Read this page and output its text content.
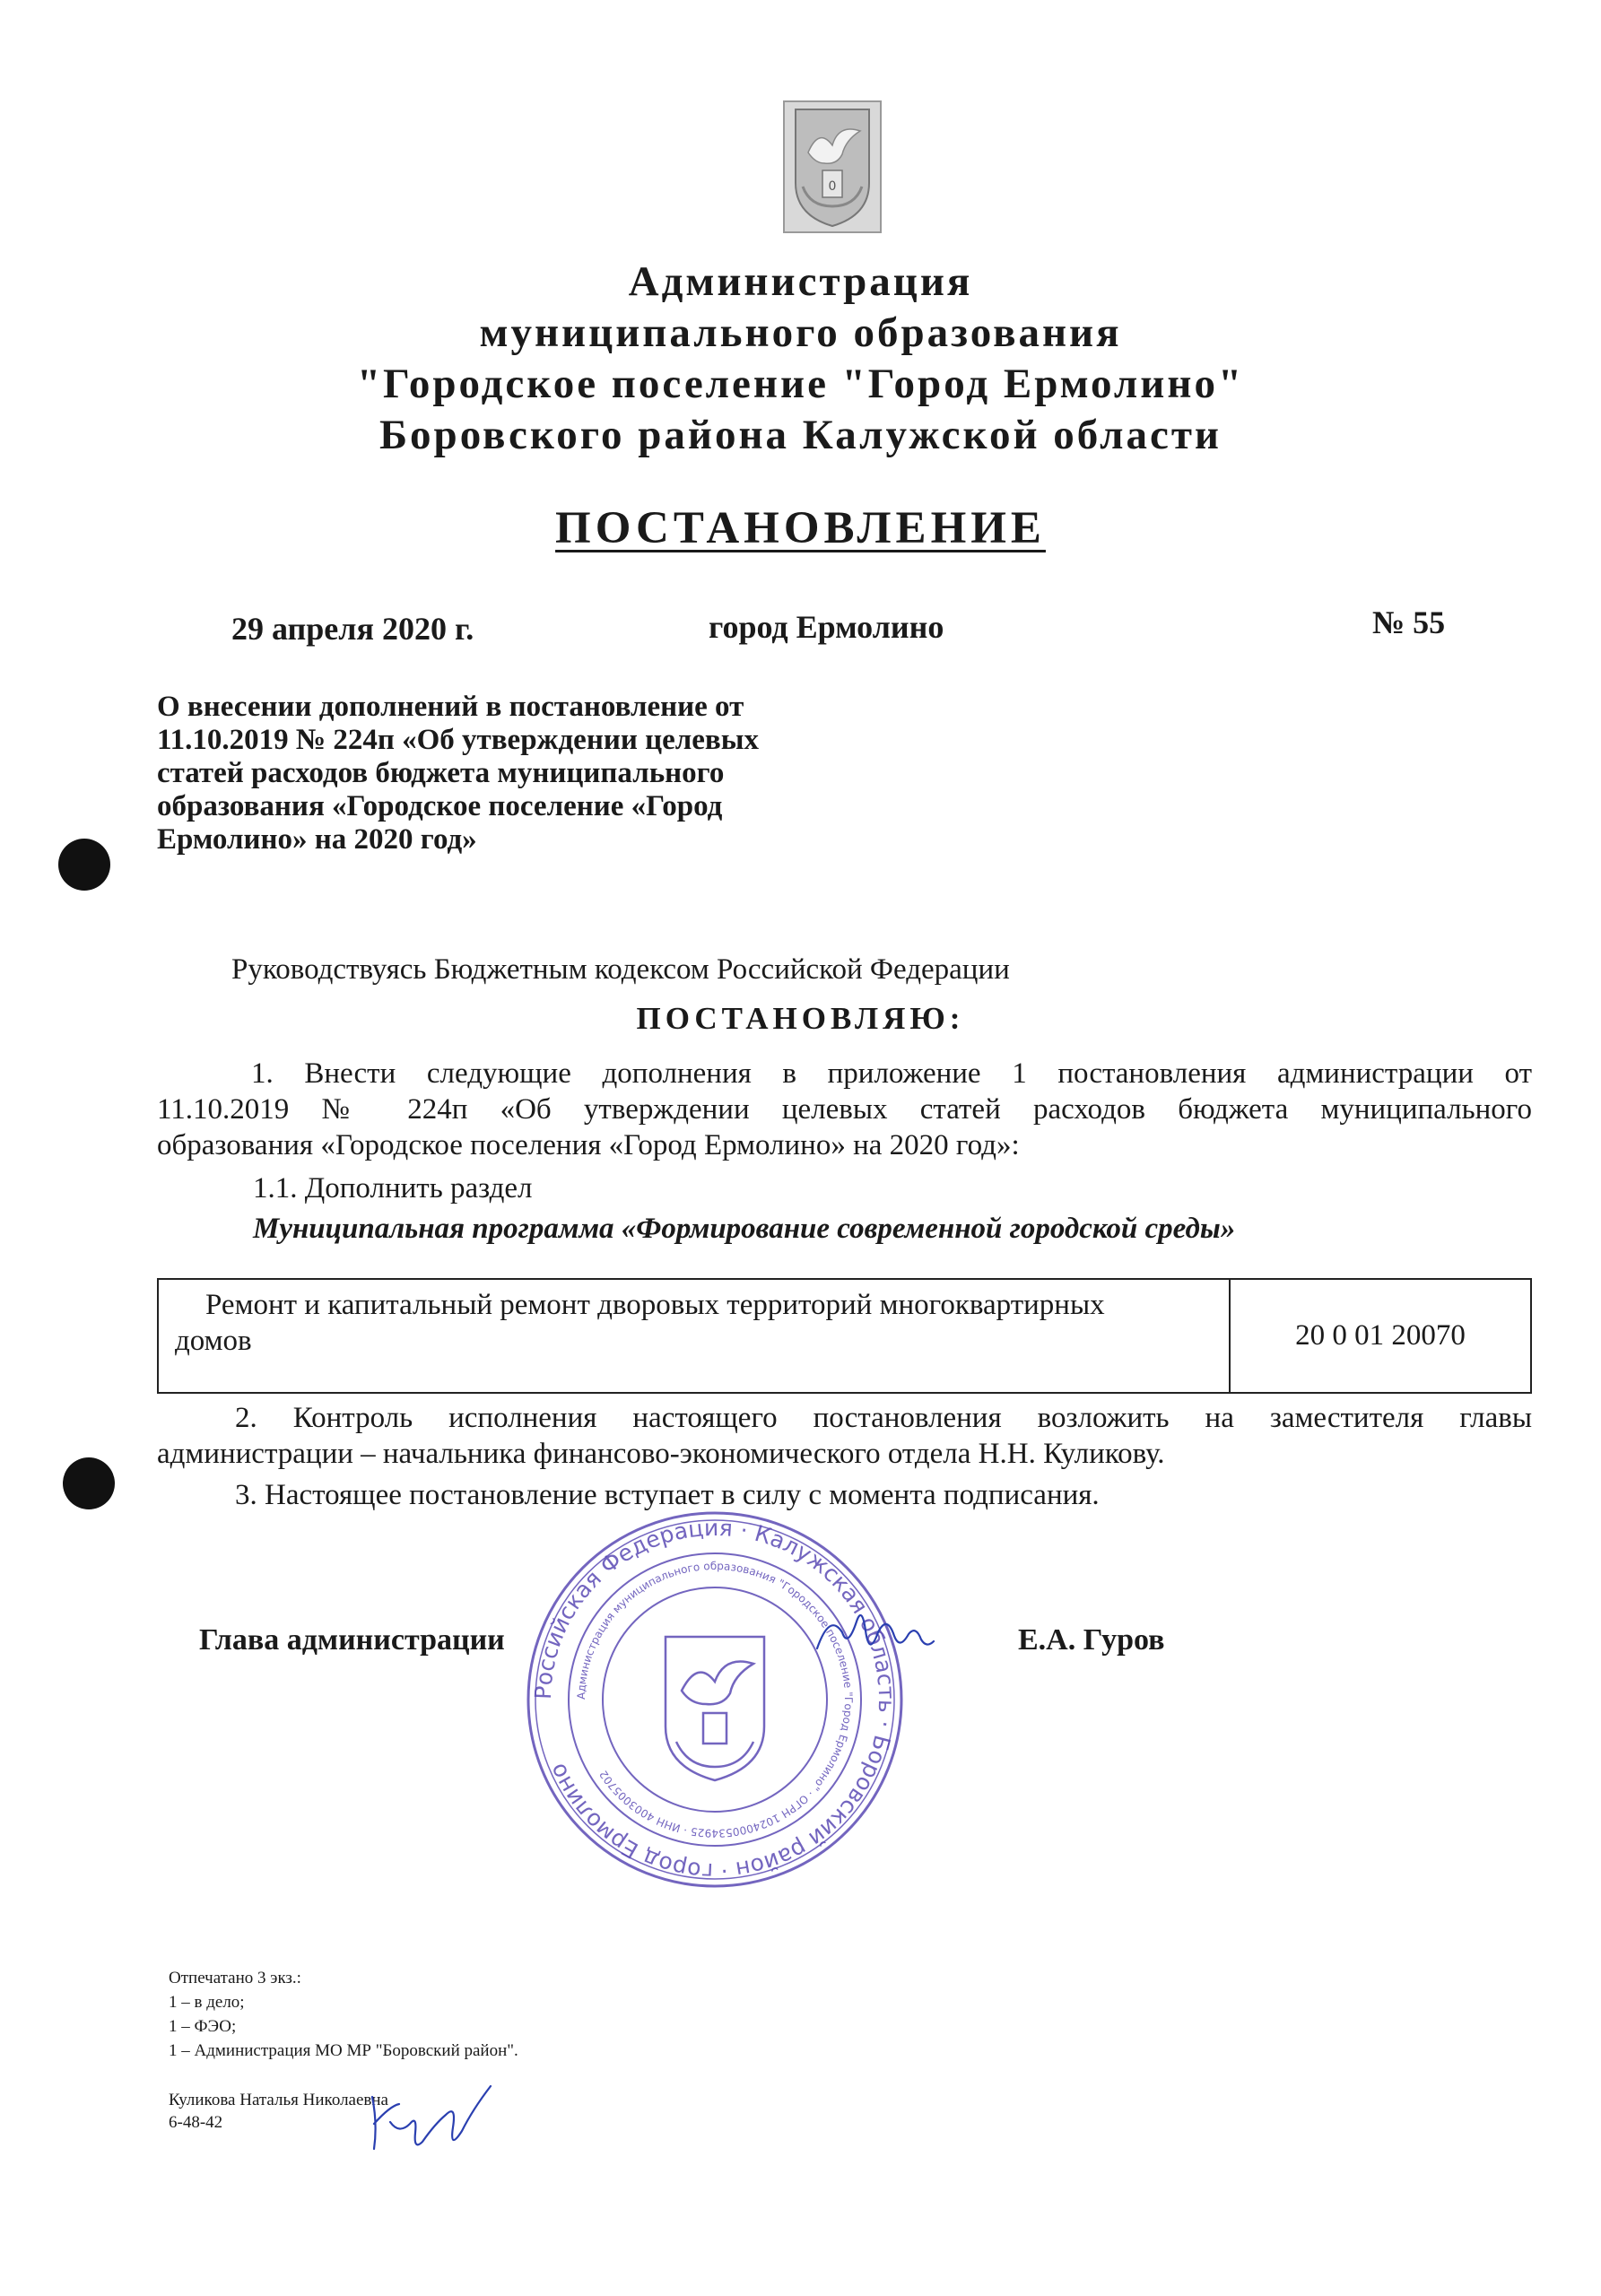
0
Администрация
муниципального образования
"Городское поселение "Город Ермолино"
Боровского района Калужской области
ПОСТАНОВЛЕНИЕ
29 апреля 2020 г.	город Ермолино	№ 55
О внесении дополнений в постановление от
11.10.2019 № 224п «Об утверждении целевых
статей расходов бюджета муниципального
образования «Городское поселение «Город
Ермолино» на 2020 год»
Руководствуясь Бюджетным кодексом Российской Федерации
ПОСТАНОВЛЯЮ:
1. Внести следующие дополнения в приложение 1 постановления администрации от
11.10.2019 № 224п «Об утверждении целевых статей расходов бюджета муниципального
образования «Городское поселения «Город Ермолино» на 2020 год»:
1.1. Дополнить раздел
Муниципальная программа «Формирование современной городской среды»
Ремонт и капитальный ремонт дворовых территорий многоквартирных
домов	20 0 01 20070
2. Контроль исполнения настоящего постановления возложить на заместителя главы
администрации – начальника финансово-экономического отдела Н.Н. Куликову.
3. Настоящее постановление вступает в силу с момента подписания.
Глава администрации	Е.А. Гуров
Российская Федерация · Калужская область · Боровский район · город Ермолино
Администрация муниципального образования "Городское поселение "Город Ермолино" · ОГРН 1024000534925 · ИНН 4003005702
Отпечатано 3 экз.:
1 – в дело;
1 – ФЭО;
1 – Администрация МО МР "Боровский район".
Куликова Наталья Николаевна
6-48-42
